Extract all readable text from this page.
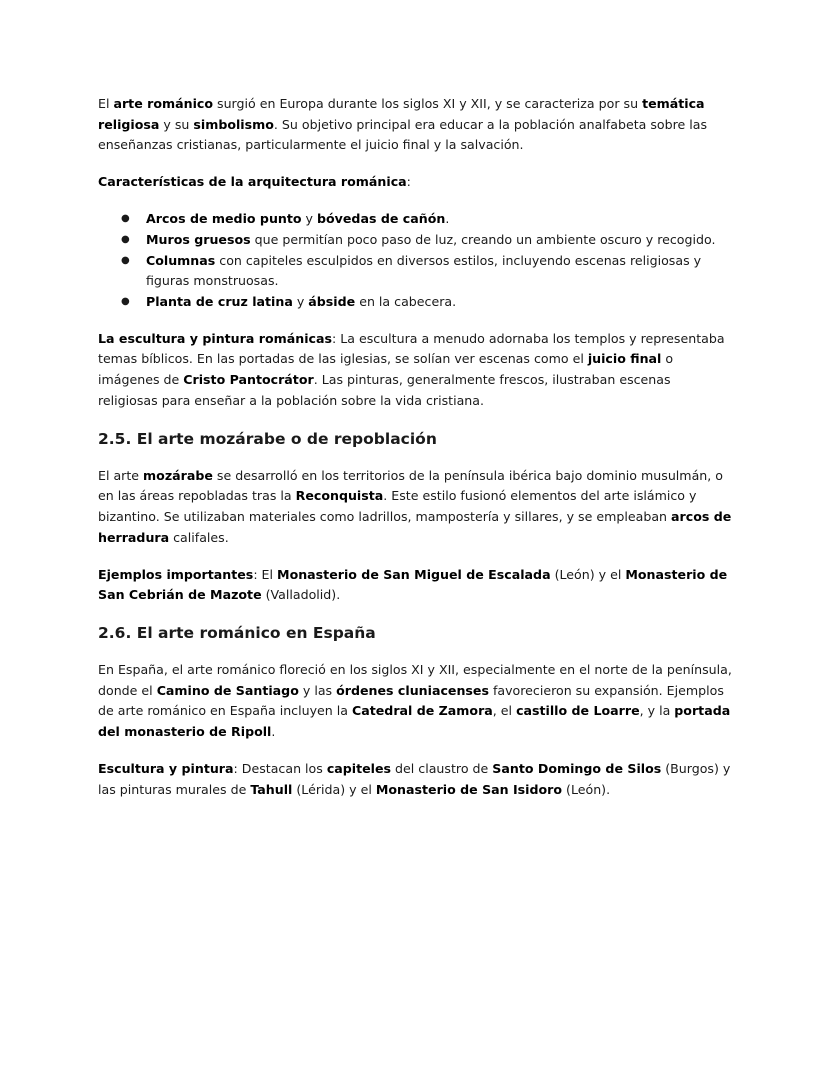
El arte románico surgió en Europa durante los siglos XI y XII, y se caracteriza por su temática religiosa y su simbolismo. Su objetivo principal era educar a la población analfabeta sobre las enseñanzas cristianas, particularmente el juicio final y la salvación.

Características de la arquitectura románica:

● Arcos de medio punto y bóvedas de cañón.
● Muros gruesos que permitían poco paso de luz, creando un ambiente oscuro y recogido.
● Columnas con capiteles esculpidos en diversos estilos, incluyendo escenas religiosas y figuras monstruosas.
● Planta de cruz latina y ábside en la cabecera.

La escultura y pintura románicas: La escultura a menudo adornaba los templos y representaba temas bíblicos. En las portadas de las iglesias, se solían ver escenas como el juicio final o imágenes de Cristo Pantocrátor. Las pinturas, generalmente frescos, ilustraban escenas religiosas para enseñar a la población sobre la vida cristiana.

2.5. El arte mozárabe o de repoblación

El arte mozárabe se desarrolló en los territorios de la península ibérica bajo dominio musulmán, o en las áreas repobladas tras la Reconquista. Este estilo fusionó elementos del arte islámico y bizantino. Se utilizaban materiales como ladrillos, mampostería y sillares, y se empleaban arcos de herradura califales.

Ejemplos importantes: El Monasterio de San Miguel de Escalada (León) y el Monasterio de San Cebrián de Mazote (Valladolid).

2.6. El arte románico en España

En España, el arte románico floreció en los siglos XI y XII, especialmente en el norte de la península, donde el Camino de Santiago y las órdenes cluniacenses favorecieron su expansión. Ejemplos de arte románico en España incluyen la Catedral de Zamora, el castillo de Loarre, y la portada del monasterio de Ripoll.

Escultura y pintura: Destacan los capiteles del claustro de Santo Domingo de Silos (Burgos) y las pinturas murales de Tahull (Lérida) y el Monasterio de San Isidoro (León).
